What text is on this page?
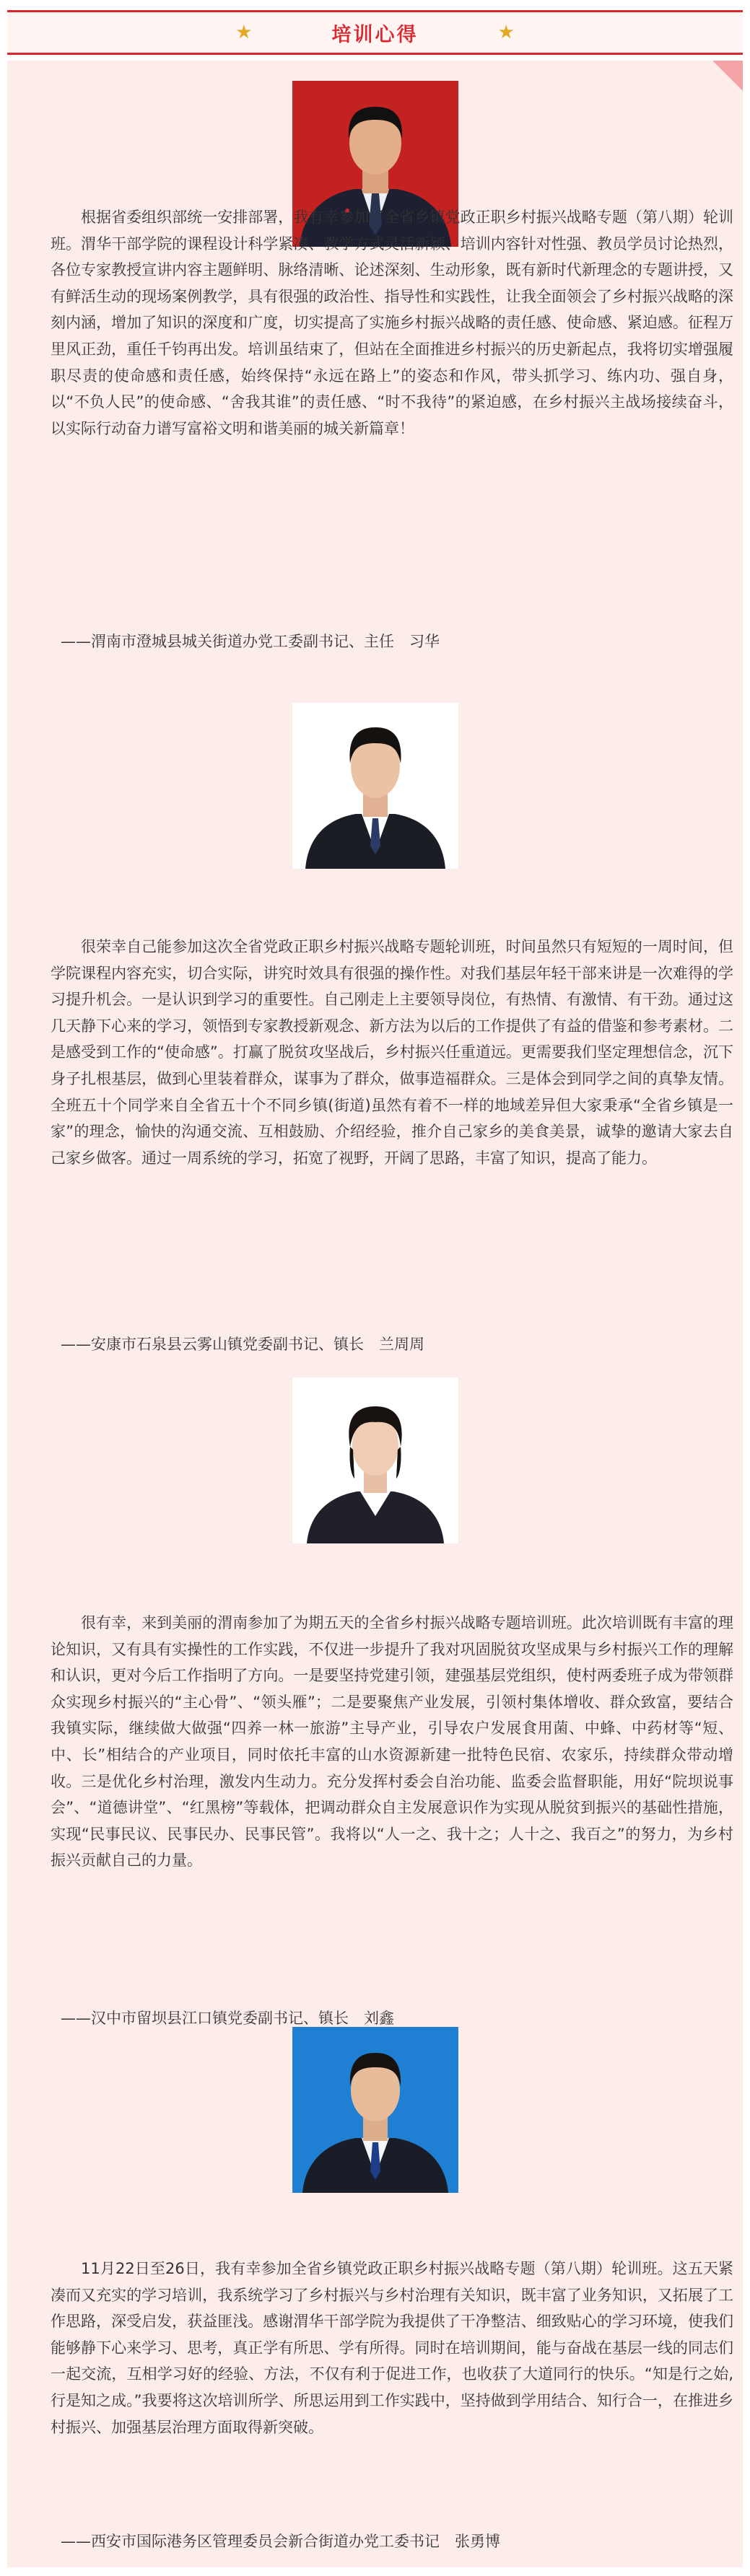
★	培训心得	★

根据省委组织部统一安排部署，我有幸参加了全省乡镇党政正职乡村振兴战略专题（第八期）轮训班。渭华干部学院的课程设计科学紧凑、教学方式灵活新颖、培训内容针对性强、教员学员讨论热烈，各位专家教授宣讲内容主题鲜明、脉络清晰、论述深刻、生动形象，既有新时代新理念的专题讲授，又有鲜活生动的现场案例教学，具有很强的政治性、指导性和实践性，让我全面领会了乡村振兴战略的深刻内涵，增加了知识的深度和广度，切实提高了实施乡村振兴战略的责任感、使命感、紧迫感。征程万里风正劲，重任千钧再出发。培训虽结束了，但站在全面推进乡村振兴的历史新起点，我将切实增强履职尽责的使命感和责任感，始终保持“永远在路上”的姿态和作风，带头抓学习、练内功、强自身，以“不负人民”的使命感、“舍我其谁”的责任感、“时不我待”的紧迫感，在乡村振兴主战场接续奋斗，以实际行动奋力谱写富裕文明和谐美丽的城关新篇章！

——渭南市澄城县城关街道办党工委副书记、主任　习华

很荣幸自己能参加这次全省党政正职乡村振兴战略专题轮训班，时间虽然只有短短的一周时间，但学院课程内容充实，切合实际，讲究时效具有很强的操作性。对我们基层年轻干部来讲是一次难得的学习提升机会。一是认识到学习的重要性。自己刚走上主要领导岗位，有热情、有激情、有干劲。通过这几天静下心来的学习，领悟到专家教授新观念、新方法为以后的工作提供了有益的借鉴和参考素材。二是感受到工作的“使命感”。打赢了脱贫攻坚战后，乡村振兴任重道远。更需要我们坚定理想信念，沉下身子扎根基层，做到心里装着群众，谋事为了群众，做事造福群众。三是体会到同学之间的真挚友情。全班五十个同学来自全省五十个不同乡镇(街道)虽然有着不一样的地域差异但大家秉承“全省乡镇是一家”的理念，愉快的沟通交流、互相鼓励、介绍经验，推介自己家乡的美食美景，诚挚的邀请大家去自己家乡做客。通过一周系统的学习，拓宽了视野，开阔了思路，丰富了知识，提高了能力。

——安康市石泉县云雾山镇党委副书记、镇长　兰周周

很有幸，来到美丽的渭南参加了为期五天的全省乡村振兴战略专题培训班。此次培训既有丰富的理论知识，又有具有实操性的工作实践，不仅进一步提升了我对巩固脱贫攻坚成果与乡村振兴工作的理解和认识，更对今后工作指明了方向。一是要坚持党建引领，建强基层党组织，使村两委班子成为带领群众实现乡村振兴的“主心骨”、“领头雁”；二是要聚焦产业发展，引领村集体增收、群众致富，要结合我镇实际，继续做大做强“四养一林一旅游”主导产业，引导农户发展食用菌、中蜂、中药材等“短、中、长”相结合的产业项目，同时依托丰富的山水资源新建一批特色民宿、农家乐，持续群众带动增收。三是优化乡村治理，激发内生动力。充分发挥村委会自治功能、监委会监督职能，用好“院坝说事会”、“道德讲堂”、“红黑榜”等载体，把调动群众自主发展意识作为实现从脱贫到振兴的基础性措施，实现“民事民议、民事民办、民事民管”。我将以“人一之、我十之；人十之、我百之”的努力，为乡村振兴贡献自己的力量。

——汉中市留坝县江口镇党委副书记、镇长　刘鑫

11月22日至26日，我有幸参加全省乡镇党政正职乡村振兴战略专题（第八期）轮训班。这五天紧凑而又充实的学习培训，我系统学习了乡村振兴与乡村治理有关知识，既丰富了业务知识，又拓展了工作思路，深受启发，获益匪浅。感谢渭华干部学院为我提供了干净整洁、细致贴心的学习环境，使我们能够静下心来学习、思考，真正学有所思、学有所得。同时在培训期间，能与奋战在基层一线的同志们一起交流，互相学习好的经验、方法，不仅有利于促进工作，也收获了大道同行的快乐。“知是行之始,行是知之成。”我要将这次培训所学、所思运用到工作实践中，坚持做到学用结合、知行合一，在推进乡村振兴、加强基层治理方面取得新突破。

——西安市国际港务区管理委员会新合街道办党工委书记　张勇博
